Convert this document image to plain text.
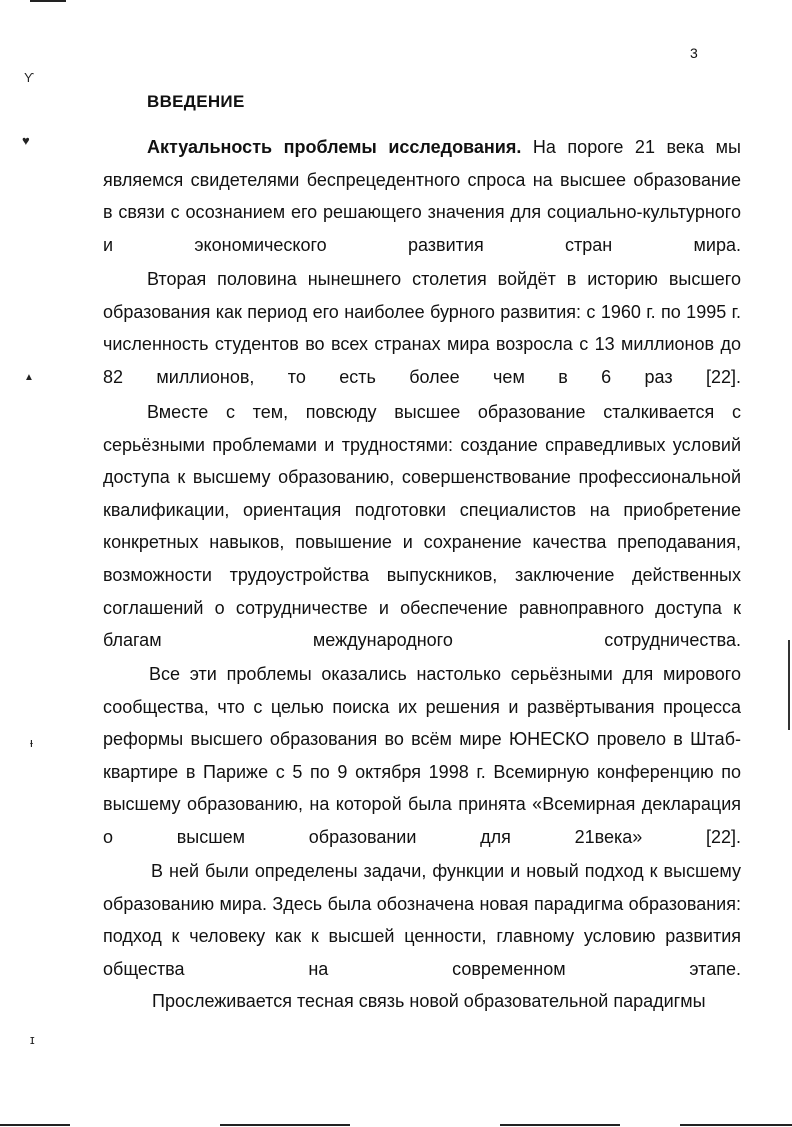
ϒ
♥
▲
ᵻ
ɪ
3
ВВЕДЕНИЕ
Актуальность проблемы исследования. На пороге 21 века мы являемся свидетелями беспрецедентного спроса на высшее образование в связи с осознанием его решающего значения для социально-культурного и экономического развития стран мира.
Вторая половина нынешнего столетия войдёт в историю высшего образования как период его наиболее бурного развития: с 1960 г. по 1995 г. численность студентов во всех странах мира возросла с 13 миллионов до 82 миллионов, то есть более чем в 6 раз [22].
Вместе с тем, повсюду высшее образование сталкивается с серьёзными проблемами и трудностями: создание справедливых условий доступа к высшему образованию, совершенствование профессиональной квалификации, ориентация подготовки специалистов на приобретение конкретных навыков, повышение и сохранение качества преподавания, возможности трудоустройства выпускников, заключение действенных соглашений о сотрудничестве и обеспечение равноправного доступа к благам международного сотрудничества.
Все эти проблемы оказались настолько серьёзными для мирового сообщества, что с целью поиска их решения и развёртывания процесса реформы высшего образования во всём мире ЮНЕСКО провело в Штаб-квартире в Париже с 5 по 9 октября 1998 г. Всемирную конференцию по высшему образованию, на которой была принята «Всемирная декларация о высшем образовании для 21века» [22].
В ней были определены задачи, функции и новый подход к высшему образованию мира. Здесь была обозначена новая парадигма образования: подход к человеку как к высшей ценности, главному условию развития общества на современном этапе.
Прослеживается тесная связь новой образовательной парадигмы
